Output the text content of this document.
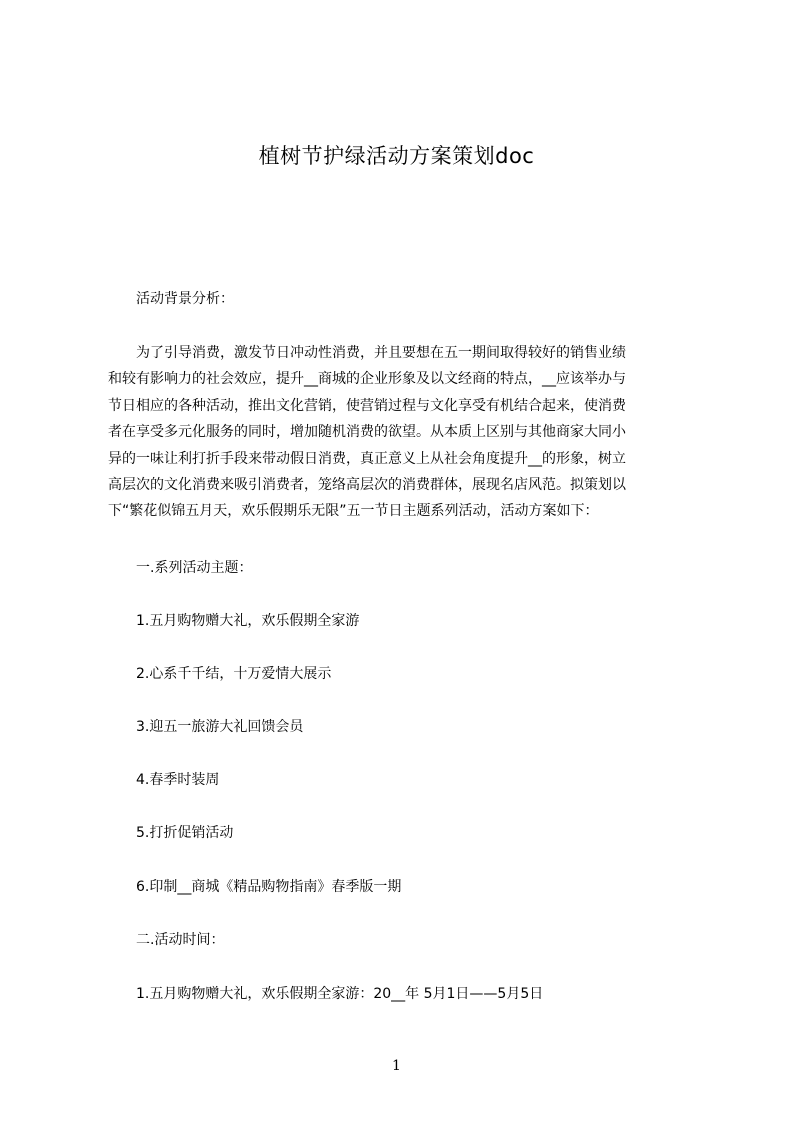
植树节护绿活动方案策划doc

活动背景分析：

　　为了引导消费，激发节日冲动性消费，并且要想在五一期间取得较好的销售业绩
和较有影响力的社会效应，提升__商城的企业形象及以文经商的特点，__应该举办与
节日相应的各种活动，推出文化营销，使营销过程与文化享受有机结合起来，使消费
者在享受多元化服务的同时，增加随机消费的欲望。从本质上区别与其他商家大同小
异的一味让利打折手段来带动假日消费，真正意义上从社会角度提升__的形象，树立
高层次的文化消费来吸引消费者，笼络高层次的消费群体，展现名店风范。拟策划以
下“繁花似锦五月天，欢乐假期乐无限”五一节日主题系列活动，活动方案如下：

一.系列活动主题：

1.五月购物赠大礼，欢乐假期全家游

2.心系千千结，十万爱情大展示

3.迎五一旅游大礼回馈会员

4.春季时装周

5.打折促销活动

6.印制__商城《精品购物指南》春季版一期

二.活动时间：

1.五月购物赠大礼，欢乐假期全家游：20__年 5月1日——5月5日

1
